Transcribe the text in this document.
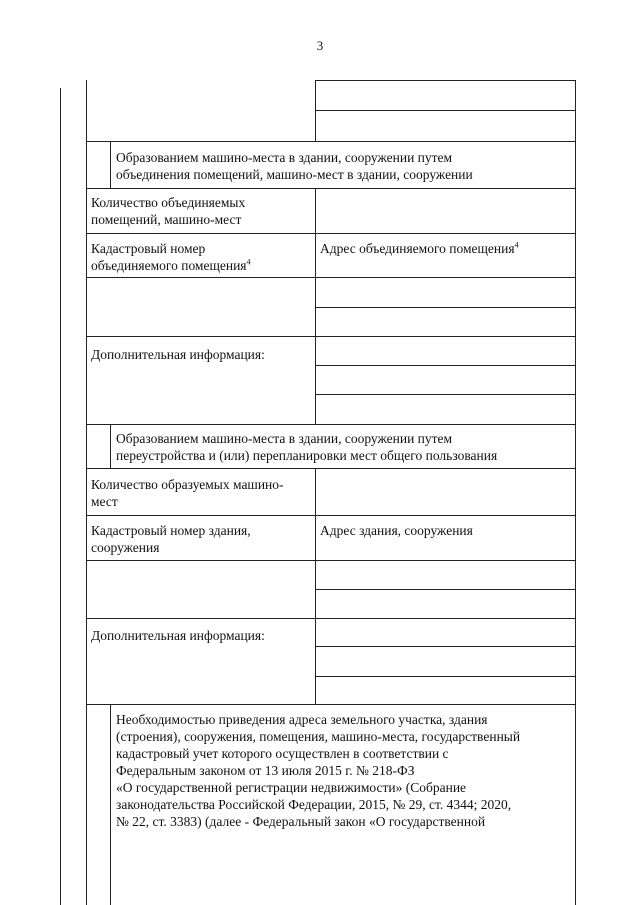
3
Образованием машино-места в здании, сооружении путем
объединения помещений, машино-мест в здании, сооружении
Количество объединяемых
помещений, машино-мест
Кадастровый номер
объединяемого помещения$^4$
Адрес объединяемого помещения$^4$
Дополнительная информация:
Образованием машино-места в здании, сооружении путем
переустройства и (или) перепланировки мест общего пользования
Количество образуемых машино-
мест
Кадастровый номер здания,
сооружения
Адрес здания, сооружения
Дополнительная информация:
Необходимостью приведения адреса земельного участка, здания
(строения), сооружения, помещения, машино-места, государственный
кадастровый учет которого осуществлен в соответствии с
Федеральным законом от 13 июля 2015 г. № 218-ФЗ
«О государственной регистрации недвижимости» (Собрание
законодательства Российской Федерации, 2015, № 29, ст. 4344; 2020,
№ 22, ст. 3383) (далее - Федеральный закон «О государственной
